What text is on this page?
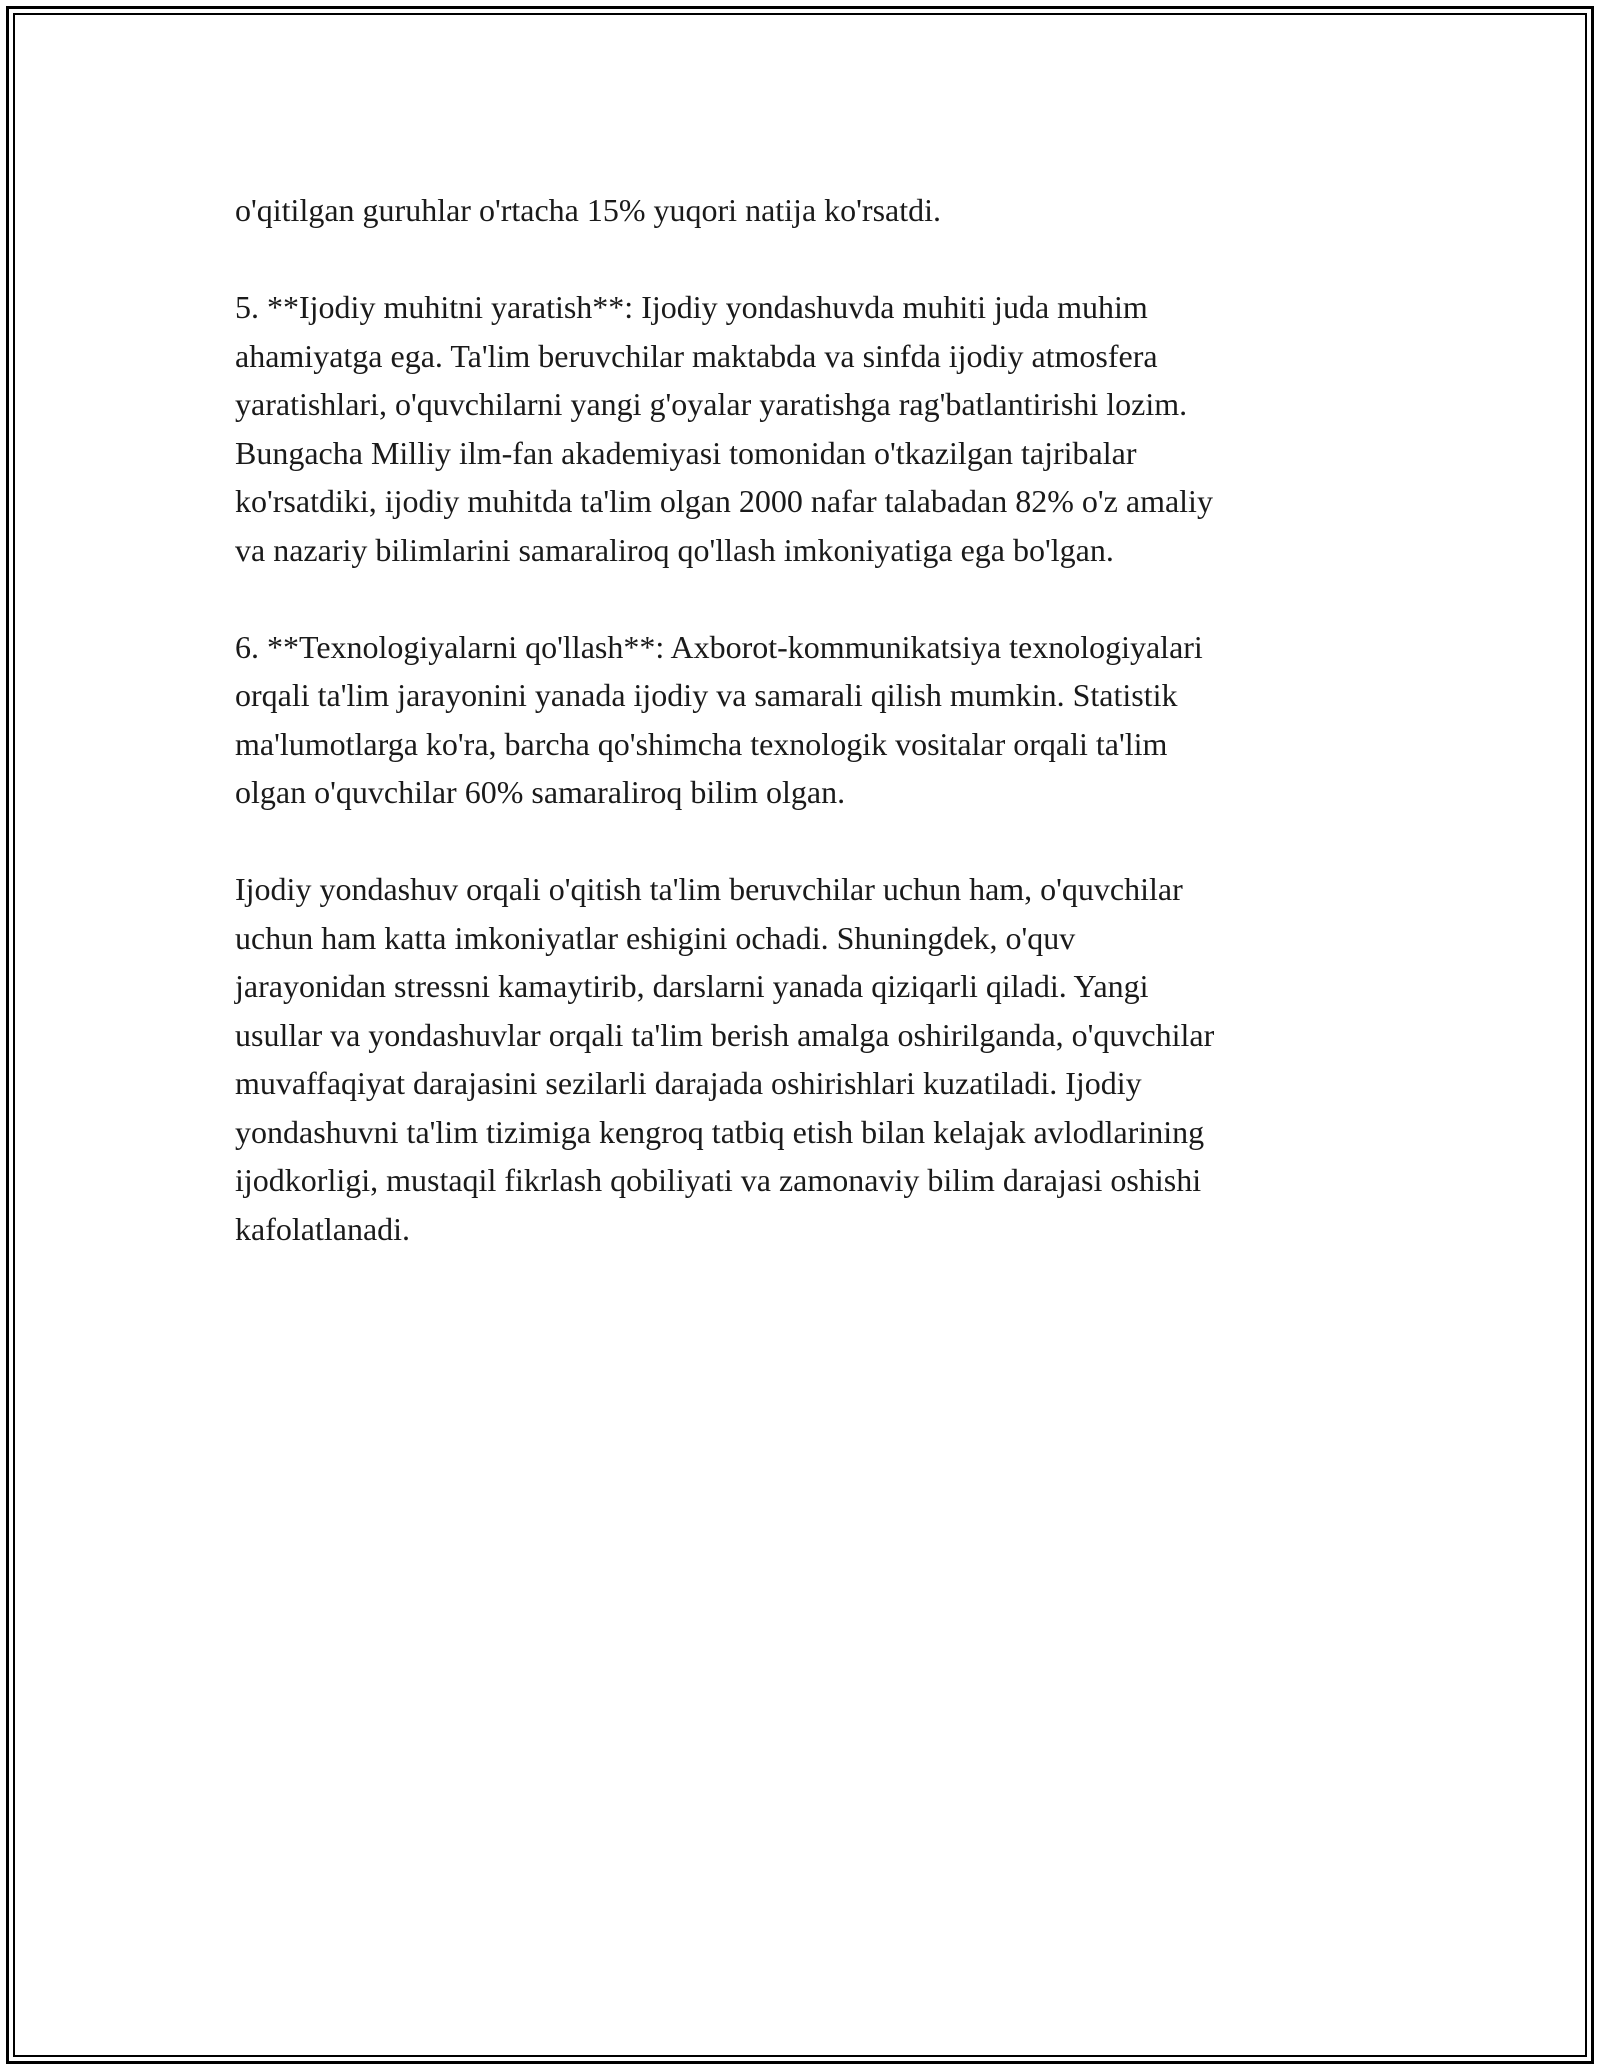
o'qitilgan guruhlar o'rtacha 15% yuqori natija ko'rsatdi.

5. **Ijodiy muhitni yaratish**: Ijodiy yondashuvda muhiti juda muhim
ahamiyatga ega. Ta'lim beruvchilar maktabda va sinfda ijodiy atmosfera
yaratishlari, o'quvchilarni yangi g'oyalar yaratishga rag'batlantirishi lozim.
Bungacha Milliy ilm-fan akademiyasi tomonidan o'tkazilgan tajribalar
ko'rsatdiki, ijodiy muhitda ta'lim olgan 2000 nafar talabadan 82% o'z amaliy
va nazariy bilimlarini samaraliroq qo'llash imkoniyatiga ega bo'lgan.

6. **Texnologiyalarni qo'llash**: Axborot-kommunikatsiya texnologiyalari
orqali ta'lim jarayonini yanada ijodiy va samarali qilish mumkin. Statistik
ma'lumotlarga ko'ra, barcha qo'shimcha texnologik vositalar orqali ta'lim
olgan o'quvchilar 60% samaraliroq bilim olgan.

Ijodiy yondashuv orqali o'qitish ta'lim beruvchilar uchun ham, o'quvchilar
uchun ham katta imkoniyatlar eshigini ochadi. Shuningdek, o'quv
jarayonidan stressni kamaytirib, darslarni yanada qiziqarli qiladi. Yangi
usullar va yondashuvlar orqali ta'lim berish amalga oshirilganda, o'quvchilar
muvaffaqiyat darajasini sezilarli darajada oshirishlari kuzatiladi. Ijodiy
yondashuvni ta'lim tizimiga kengroq tatbiq etish bilan kelajak avlodlarining
ijodkorligi, mustaqil fikrlash qobiliyati va zamonaviy bilim darajasi oshishi
kafolatlanadi.
